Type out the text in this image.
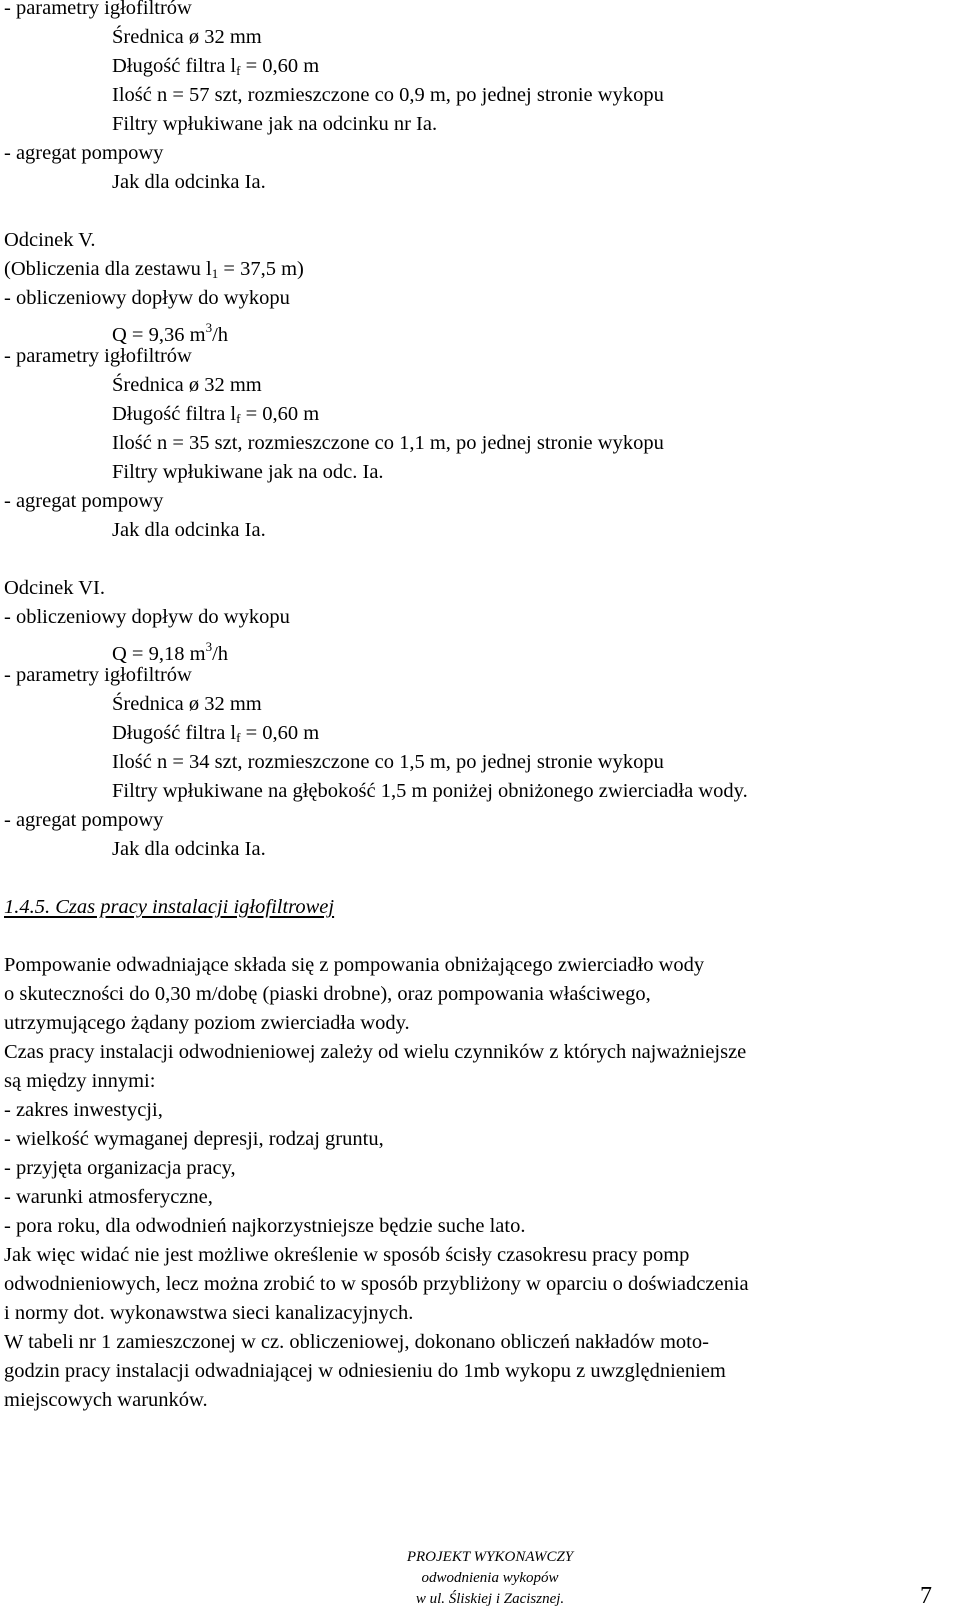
- parametry igłofiltrów
Średnica ø 32 mm
Długość filtra $l_f = 0,60$ m
Ilość n = 57 szt, rozmieszczone co 0,9 m, po jednej stronie wykopu
Filtry wpłukiwane jak na odcinku nr Ia.
- agregat pompowy
Jak dla odcinka Ia.
Odcinek V.
(Obliczenia dla zestawu $l_1 = 37,5$ m)
- obliczeniowy dopływ do wykopu
Q = 9,36 $m^3/h$
- parametry igłofiltrów
Średnica ø 32 mm
Długość filtra $l_f = 0,60$ m
Ilość n = 35 szt, rozmieszczone co 1,1 m, po jednej stronie wykopu
Filtry wpłukiwane jak na odc. Ia.
- agregat pompowy
Jak dla odcinka Ia.
Odcinek VI.
- obliczeniowy dopływ do wykopu
Q = 9,18 $m^3/h$
- parametry igłofiltrów
Średnica ø 32 mm
Długość filtra $l_f = 0,60$ m
Ilość n = 34 szt, rozmieszczone co 1,5 m, po jednej stronie wykopu
Filtry wpłukiwane na głębokość 1,5 m poniżej obniżonego zwierciadła wody.
- agregat pompowy
Jak dla odcinka Ia.
1.4.5. Czas pracy instalacji igłofiltrowej
Pompowanie odwadniające składa się z pompowania obniżającego zwierciadło wody
o skuteczności do 0,30 m/dobę (piaski drobne), oraz pompowania właściwego,
utrzymującego żądany poziom zwierciadła wody.
Czas pracy instalacji odwodnieniowej zależy od wielu czynników z których najważniejsze
są między innymi:
- zakres inwestycji,
- wielkość wymaganej depresji, rodzaj gruntu,
- przyjęta organizacja pracy,
- warunki atmosferyczne,
- pora roku, dla odwodnień najkorzystniejsze będzie suche lato.
Jak więc widać nie jest możliwe określenie w sposób ścisły czasokresu pracy pomp
odwodnieniowych, lecz można zrobić to w sposób przybliżony w oparciu o doświadczenia
i normy dot. wykonawstwa sieci kanalizacyjnych.
W tabeli nr 1 zamieszczonej w cz. obliczeniowej, dokonano obliczeń nakładów moto-
godzin pracy instalacji odwadniającej w odniesieniu do 1mb wykopu z uwzględnieniem
miejscowych warunków.
PROJEKT WYKONAWCZY
odwodnienia wykopów
w ul. Śliskiej i Zacisznej.	7
